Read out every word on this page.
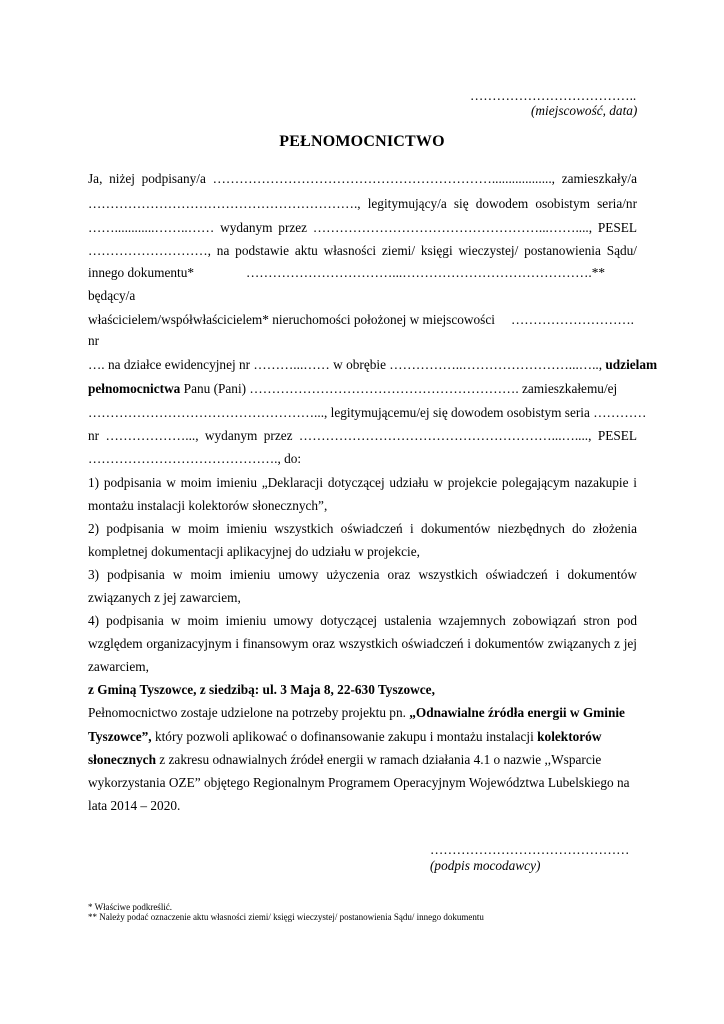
………………………………..
(miejscowość, data)
PEŁNOMOCNICTWO
Ja, niżej podpisany/a ……………………………………………………….................., zamieszkały/a
……………………………………………………., legitymujący/a się dowodem osobistym seria/nr
……............……..…… wydanym przez ……………………………………………...……...., PESEL
………………………, na podstawie aktu własności ziemi/ księgi wieczystej/ postanowienia Sądu/
innego dokumentu*	……………………………...…………………………………….**
będący/a
właścicielem/współwłaścicielem* nieruchomości położonej w miejscowości ……………………….
nr
…. na działce ewidencyjnej nr ………...…… w obrębie ……………..……………………...….., udzielam
pełnomocnictwa Panu (Pani) ……………………………………………………. zamieszkałemu/ej
……………………………………………..., legitymującemu/ej się dowodem osobistym seria …………
nr ………………..., wydanym przez …………………………………………………...…...., PESEL
……………………………………., do:
1) podpisania w moim imieniu „Deklaracji dotyczącej udziału w projekcie polegającym nazakupie i
montażu instalacji kolektorów słonecznych”,
2) podpisania w moim imieniu wszystkich oświadczeń i dokumentów niezbędnych do złożenia
kompletnej dokumentacji aplikacyjnej do udziału w projekcie,
3) podpisania w moim imieniu umowy użyczenia oraz wszystkich oświadczeń i dokumentów
związanych z jej zawarciem,
4) podpisania w moim imieniu umowy dotyczącej ustalenia wzajemnych zobowiązań stron pod
względem organizacyjnym i finansowym oraz wszystkich oświadczeń i dokumentów związanych z jej
zawarciem,
z Gminą Tyszowce, z siedzibą: ul. 3 Maja 8, 22-630 Tyszowce,
Pełnomocnictwo zostaje udzielone na potrzeby projektu pn. „Odnawialne źródła energii w Gminie
Tyszowce”, który pozwoli aplikować o dofinansowanie zakupu i montażu instalacji kolektorów
słonecznych z zakresu odnawialnych źródeł energii w ramach działania 4.1 o nazwie ,,Wsparcie
wykorzystania OZE” objętego Regionalnym Programem Operacyjnym Województwa Lubelskiego na
lata 2014 – 2020.
………………………………………
(podpis mocodawcy)
* Właściwe podkreślić.
** Należy podać oznaczenie aktu własności ziemi/ księgi wieczystej/ postanowienia Sądu/ innego dokumentu
